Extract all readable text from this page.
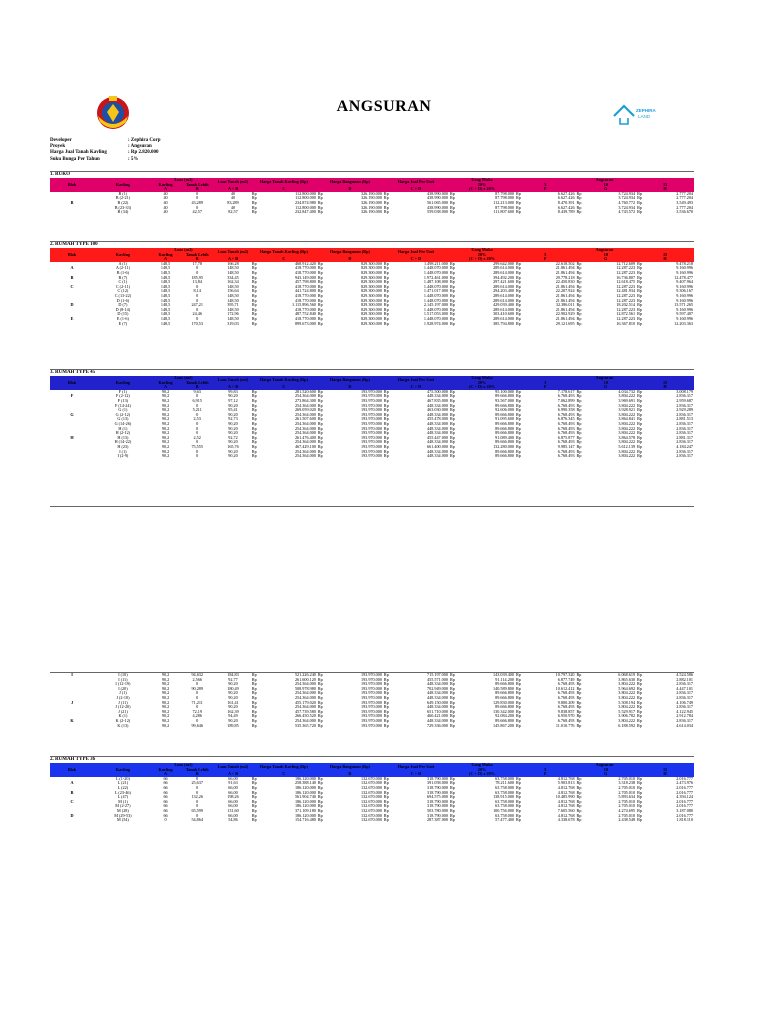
ANGSURAN	ZEPHIRA
LAND
Developer	: Zephira Corp
Proyek	: Angsuran
Harga Jual Tanah Kavling	: Rp 2.820.000
Suku Bunga Per Tahun	: 5%
1. RUKO
Blok	Kavling	Luas (m2)		Luas Tanah (m2)	Harga Tanah Kavling (Rp)		Harga Bangunan (Rp)		Harga Jual Per Unit		Uang Muka		Angsuran					
		Kavling	Tanah Lebih								20%		5		10		15	
		A	B	A + B	C		D		C + D		(C + D) x 20%		F		G		H	
	B (1)	40	0	40	Rp	112.800.000	Rp	326.190.000	Rp	438.990.000	Rp	87.798.000	Rp	6.627.426	Rp	3.724.934	Rp	2.777.204
	B (2-21)	40	0	40	Rp	112.800.000	Rp	326.190.000	Rp	438.990.000	Rp	87.798.000	Rp	6.627.426	Rp	3.724.934	Rp	2.777.204
B	B (22)	40	43,289	83,289	Rp	234.874.980	Rp	326.190.000	Rp	561.065.000	Rp	112.213.000	Rp	8.470.391	Rp	4.760.772	Rp	3.549.493
	B (23-33)	40	0	40	Rp	112.800.000	Rp	326.190.000	Rp	438.990.000	Rp	87.798.000	Rp	6.627.426	Rp	3.724.934	Rp	2.777.204
	B (34)	40	42,57	82,57	Rp	232.847.400	Rp	326.190.000	Rp	559.038.000	Rp	111.807.600	Rp	8.439.789	Rp	4.743.572	Rp	3.536.670
2. RUMAH TYPE 100
Blok	Kavling	Luas (m2)		Luas Tanah (m2)	Harga Tanah Kavling (Rp)		Harga Bangunan (Rp)		Harga Jual Per Unit		Uang Muka		Angsuran					
		Kavling	Tanah Lebih								20%		5		10		15	
		A	B	A + B	C		D		C + D		(C + D) x 20%		F		G		H	
	A (1)	148,5	17,78	166,28	Rp	468.912.420	Rp	829.300.000	Rp	1.498.211.000	Rp	299.642.000	Rp	22.618.502	Rp	12.712.609	Rp	9.478.218
A	A (2-11)	148,5	0	148,50	Rp	418.770.000	Rp	829.300.000	Rp	1.448.070.000	Rp	289.614.000	Rp	21.861.494	Rp	12.287.223	Rp	9.160.996
	B (1-6)	148,5	0	148,50	Rp	418.770.000	Rp	829.300.000	Rp	1.448.070.000	Rp	289.614.000	Rp	21.861.494	Rp	12.287.223	Rp	9.160.996
B	B (7)	148,5	185,95	334,45	Rp	943.149.000	Rp	829.300.000	Rp	1.972.461.000	Rp	394.492.200	Rp	29.778.218	Rp	16.736.807	Rp	12.478.477
	C (1)	148,5	13,84	162,34	Rp	457.798.800	Rp	829.300.000	Rp	1.487.108.000	Rp	297.421.600	Rp	22.450.830	Rp	12.618.475	Rp	9.407.964
C	C (2-11)	148,5	0	148,50	Rp	418.770.000	Rp	829.300.000	Rp	1.448.070.000	Rp	289.614.000	Rp	21.861.494	Rp	12.287.223	Rp	9.160.996
	C (12)	148,5	8,14	156,64	Rp	441.724.800	Rp	829.300.000	Rp	1.471.017.000	Rp	294.203.400	Rp	22.207.924	Rp	12.481.934	Rp	9.306.167
	C (13-22)	148,5	0	148,50	Rp	418.770.000	Rp	829.300.000	Rp	1.448.070.000	Rp	289.614.000	Rp	21.861.494	Rp	12.287.223	Rp	9.160.996
	D (1-6)	148,5	0	148,50	Rp	418.770.000	Rp	829.300.000	Rp	1.448.070.000	Rp	289.614.000	Rp	21.861.494	Rp	12.287.223	Rp	9.160.996
D	D (7)	148,5	247,21	395,71	Rp	1.115.896.560	Rp	829.300.000	Rp	2.145.197.000	Rp	429.039.400	Rp	32.386.011	Rp	18.202.514	Rp	13.571.265
	D (8-14)	148,5	0	148,50	Rp	418.770.000	Rp	829.300.000	Rp	1.448.070.000	Rp	289.614.000	Rp	21.861.494	Rp	12.287.223	Rp	9.160.996
	D (15)	148,5	24,46	172,96	Rp	487.752.840	Rp	829.300.000	Rp	1.517.053.000	Rp	303.410.600	Rp	22.902.929	Rp	12.872.561	Rp	9.597.407
E	E (1-6)	148,5	0	148,50	Rp	418.770.000	Rp	829.300.000	Rp	1.448.070.000	Rp	289.614.000	Rp	21.861.494	Rp	12.287.223	Rp	9.160.996
	E (7)	148,5	170,53	319,03	Rp	899.673.000	Rp	829.300.000	Rp	1.928.974.000	Rp	385.794.800	Rp	29.121.695	Rp	16.367.810	Rp	12.203.363
3. RUMAH TYPE 45
Blok	Kavling	Luas (m2)		Luas Tanah (m2)	Harga Tanah Kavling (Rp)		Harga Bangunan (Rp)		Harga Jual Per Unit		Uang Muka		Angsuran					
		Kavling	Tanah Lebih								20%		5		10		15	
		A	B	A + B	C		D		C + D		(C + D) x 20%		F		G		H	
	F (1)	90,2	9,63	99,83	Rp	281.520.600	Rp	193.970.000	Rp	475.500.000	Rp	95.100.000	Rp	7.178.617	Rp	4.034.732	Rp	3.008.179
F	F (2-12)	90,2	0	90,20	Rp	254.364.000	Rp	193.970.000	Rp	448.334.000	Rp	89.666.800	Rp	6.768.493	Rp	3.804.222	Rp	2.836.317
	F (13)	90,2	6,915	97,12	Rp	273.864.300	Rp	193.970.000	Rp	467.835.000	Rp	93.567.000	Rp	7.062.899	Rp	3.969.691	Rp	2.959.687
	F (14-24)	90,2	0	90,20	Rp	254.364.000	Rp	193.970.000	Rp	448.334.000	Rp	89.666.800	Rp	6.768.493	Rp	3.804.222	Rp	2.836.317
	G (1)	90,2	5,211	95,41	Rp	269.059.020	Rp	193.970.000	Rp	463.030.000	Rp	92.606.000	Rp	6.990.358	Rp	3.928.921	Rp	2.929.289
G	G (2-12)	90,2	0	90,20	Rp	254.364.000	Rp	193.970.000	Rp	448.334.000	Rp	89.666.800	Rp	6.768.493	Rp	3.804.222	Rp	2.836.317
	G (13)	90,2	2,53	92,73	Rp	261.507.600	Rp	193.970.000	Rp	455.478.000	Rp	91.095.600	Rp	6.876.345	Rp	3.864.841	Rp	2.881.513
	G (14-26)	90,2	0	90,20	Rp	254.364.000	Rp	193.970.000	Rp	448.334.000	Rp	89.666.800	Rp	6.768.493	Rp	3.804.222	Rp	2.836.317
	H (1)	90,2	0	90,20	Rp	254.364.000	Rp	193.970.000	Rp	448.334.000	Rp	89.666.800	Rp	6.768.493	Rp	3.804.222	Rp	2.836.317
	H (2-12)	90,2	0	90,20	Rp	254.364.000	Rp	193.970.000	Rp	448.334.000	Rp	89.666.800	Rp	6.768.493	Rp	3.804.222	Rp	2.836.317
H	H (13)	90,2	2,52	92,72	Rp	261.476.400	Rp	193.970.000	Rp	455.447.000	Rp	91.089.400	Rp	6.875.877	Rp	3.864.578	Rp	2.881.317
	H (14-22)	90,2	0	90,20	Rp	254.364.000	Rp	193.970.000	Rp	448.334.000	Rp	89.666.800	Rp	6.768.493	Rp	3.804.222	Rp	2.836.317
	H (23)	90,2	75,555	165,76	Rp	467.429.100	Rp	193.970.000	Rp	661.400.000	Rp	132.280.000	Rp	9.985.147	Rp	5.612.139	Rp	4.184.247
	I (1)	90,2	0	90,20	Rp	254.364.000	Rp	193.970.000	Rp	448.334.000	Rp	89.666.800	Rp	6.768.493	Rp	3.804.222	Rp	2.836.317
	I (2-9)	90,2	0	90,20	Rp	254.364.000	Rp	193.970.000	Rp	448.334.000	Rp	89.666.800	Rp	6.768.493	Rp	3.804.222	Rp	2.836.317
I	I (10)	90,2	94,632	184,83	Rp	521.226.240	Rp	193.970.000	Rp	715.197.000	Rp	143.039.400	Rp	10.797.320	Rp	6.068.619	Rp	4.524.586
	I (11)	90,2	2,566	92,77	Rp	261.600.120	Rp	193.970.000	Rp	455.571.000	Rp	91.114.200	Rp	6.877.749	Rp	3.865.630	Rp	2.882.101
	I (12-19)	90,2	0	90,20	Rp	254.364.000	Rp	193.970.000	Rp	448.334.000	Rp	89.666.800	Rp	6.768.493	Rp	3.804.222	Rp	2.836.317
	I (20)	90,2	90,289	180,49	Rp	508.978.980	Rp	193.970.000	Rp	702.949.000	Rp	140.589.800	Rp	10.612.412	Rp	5.964.692	Rp	4.447.101
	J (1)	90,2	0	90,20	Rp	254.364.000	Rp	193.970.000	Rp	448.334.000	Rp	89.666.800	Rp	6.768.493	Rp	3.804.222	Rp	2.836.317
	J (2-10)	90,2	0	90,20	Rp	254.364.000	Rp	193.970.000	Rp	448.334.000	Rp	89.666.800	Rp	6.768.493	Rp	3.804.222	Rp	2.836.317
J	J (11)	90,2	71,211	161,41	Rp	455.179.020	Rp	193.970.000	Rp	649.150.000	Rp	129.830.000	Rp	9.800.209	Rp	5.508.194	Rp	4.106.749
	J (12-20)	90,2	0	90,20	Rp	254.364.000	Rp	193.970.000	Rp	448.334.000	Rp	89.666.800	Rp	6.768.493	Rp	3.804.222	Rp	2.836.317
	J (21)	90,2	72,19	162,39	Rp	457.739.580	Rp	193.970.000	Rp	651.710.000	Rp	130.342.000	Rp	9.838.857	Rp	5.529.917	Rp	4.122.945
	K (1)	90,2	4,286	94,49	Rp	266.450.520	Rp	193.970.000	Rp	460.421.000	Rp	92.084.200	Rp	6.950.970	Rp	3.906.782	Rp	2.912.784
K	K (2-12)	90,2	0	90,20	Rp	254.364.000	Rp	193.970.000	Rp	448.334.000	Rp	89.666.800	Rp	6.768.493	Rp	3.804.222	Rp	2.836.317
	K (13)	90,2	99,646	189,85	Rp	535.365.720	Rp	193.970.000	Rp	729.336.000	Rp	145.867.200	Rp	11.010.776	Rp	6.188.592	Rp	4.614.034
2. RUMAH TYPE 36
Blok	Kavling	Luas (m2)		Luas Tanah (m2)	Harga Tanah Kavling (Rp)		Harga Bangunan (Rp)		Harga Jual Per Unit		Uang Muka		Angsuran					
		Kavling	Tanah Lebih								20%		5		10		15	
		A	B	A + B	C		D		C + D		(C + D) x 20%		F		G		H	
	L (1-20)	66	0	66,00	Rp	186.120.000	Rp	132.670.000	Rp	318.790.000	Rp	63.758.000	Rp	4.812.768	Rp	2.705.010	Rp	2.016.777
A	L (21)	66	25,637	91,63	Rp	258.388.140	Rp	132.670.000	Rp	391.058.000	Rp	78.211.600	Rp	5.903.813	Rp	3.318.238	Rp	2.473.976
	L (22)	66	0	66,00	Rp	186.120.000	Rp	132.670.000	Rp	318.790.000	Rp	63.758.000	Rp	4.812.768	Rp	2.705.010	Rp	2.016.777
B	L (23-46)	66	0	66,00	Rp	186.120.000	Rp	132.670.000	Rp	318.790.000	Rp	63.758.000	Rp	4.812.768	Rp	2.705.010	Rp	2.016.777
	L (47)	66	132,26	198,26	Rp	561.904.740	Rp	132.670.000	Rp	694.575.000	Rp	138.915.000	Rp	10.485.990	Rp	5.893.634	Rp	4.394.124
C	M (1)	66	0	66,00	Rp	186.120.000	Rp	132.670.000	Rp	318.790.000	Rp	63.758.000	Rp	4.812.768	Rp	2.705.010	Rp	2.016.777
	M (2-27)	66	0	66,00	Rp	186.120.000	Rp	132.670.000	Rp	318.790.000	Rp	63.758.000	Rp	4.812.768	Rp	2.705.010	Rp	2.016.777
	M (28)	66	65,599	131,60	Rp	371.109.180	Rp	132.670.000	Rp	503.780.000	Rp	100.756.000	Rp	7.605.560	Rp	4.274.695	Rp	3.187.080
D	M (29-53)	66	0	66,00	Rp	186.120.000	Rp	132.670.000	Rp	318.790.000	Rp	63.758.000	Rp	4.812.768	Rp	2.705.010	Rp	2.016.777
	M (54)	0	54,864	54,86	Rp	154.716.480	Rp	132.670.000	Rp	287.387.000	Rp	57.477.400	Rp	4.338.678	Rp	2.438.548	Rp	1.818.110
